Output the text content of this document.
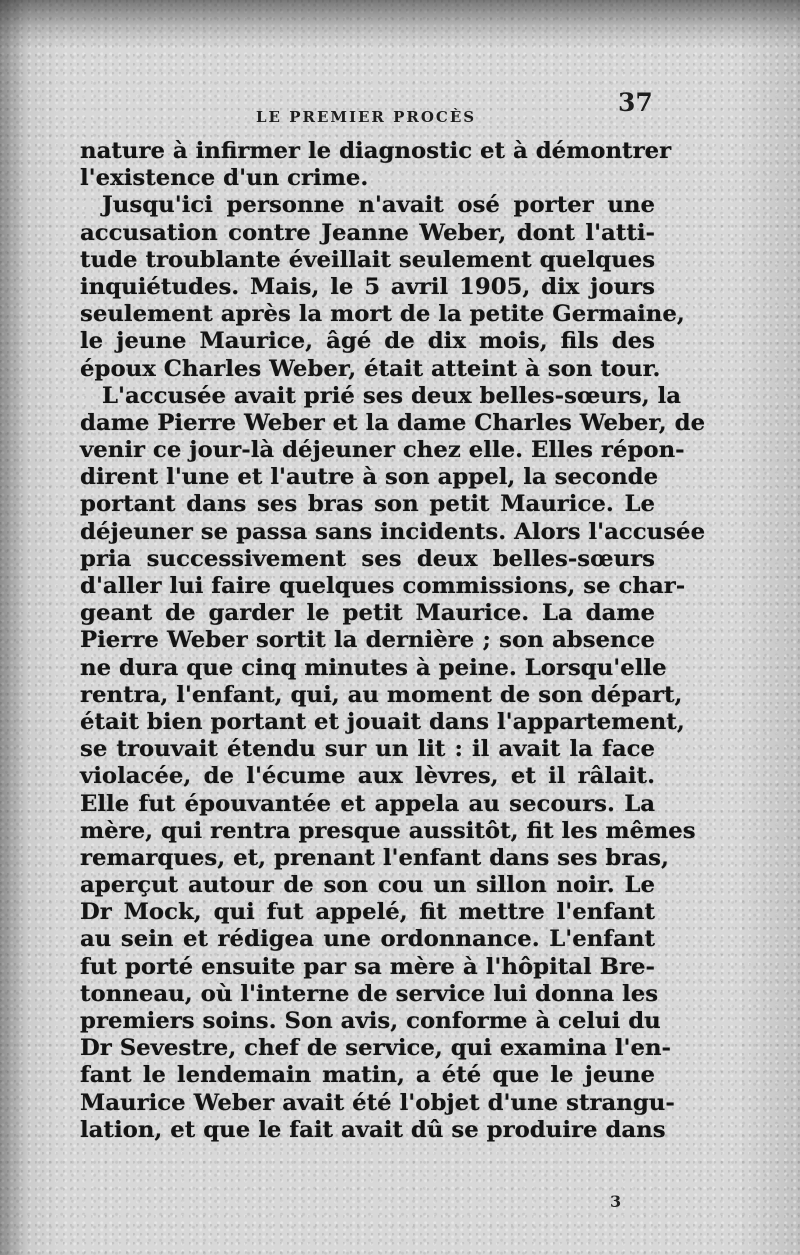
LE PREMIER PROCÈS	37
nature à infirmer le diagnostic et à démontrer
l'existence d'un crime.
Jusqu'ici personne n'avait osé porter une
accusation contre Jeanne Weber, dont l'atti-
tude troublante éveillait seulement quelques
inquiétudes. Mais, le 5 avril 1905, dix jours
seulement après la mort de la petite Germaine,
le jeune Maurice, âgé de dix mois, fils des
époux Charles Weber, était atteint à son tour.
L'accusée avait prié ses deux belles-sœurs, la
dame Pierre Weber et la dame Charles Weber, de
venir ce jour-là déjeuner chez elle. Elles répon-
dirent l'une et l'autre à son appel, la seconde
portant dans ses bras son petit Maurice. Le
déjeuner se passa sans incidents. Alors l'accusée
pria successivement ses deux belles-sœurs
d'aller lui faire quelques commissions, se char-
geant de garder le petit Maurice. La dame
Pierre Weber sortit la dernière ; son absence
ne dura que cinq minutes à peine. Lorsqu'elle
rentra, l'enfant, qui, au moment de son départ,
était bien portant et jouait dans l'appartement,
se trouvait étendu sur un lit : il avait la face
violacée, de l'écume aux lèvres, et il râlait.
Elle fut épouvantée et appela au secours. La
mère, qui rentra presque aussitôt, fit les mêmes
remarques, et, prenant l'enfant dans ses bras,
aperçut autour de son cou un sillon noir. Le
Dr Mock, qui fut appelé, fit mettre l'enfant
au sein et rédigea une ordonnance. L'enfant
fut porté ensuite par sa mère à l'hôpital Bre-
tonneau, où l'interne de service lui donna les
premiers soins. Son avis, conforme à celui du
Dr Sevestre, chef de service, qui examina l'en-
fant le lendemain matin, a été que le jeune
Maurice Weber avait été l'objet d'une strangu-
lation, et que le fait avait dû se produire dans
3
